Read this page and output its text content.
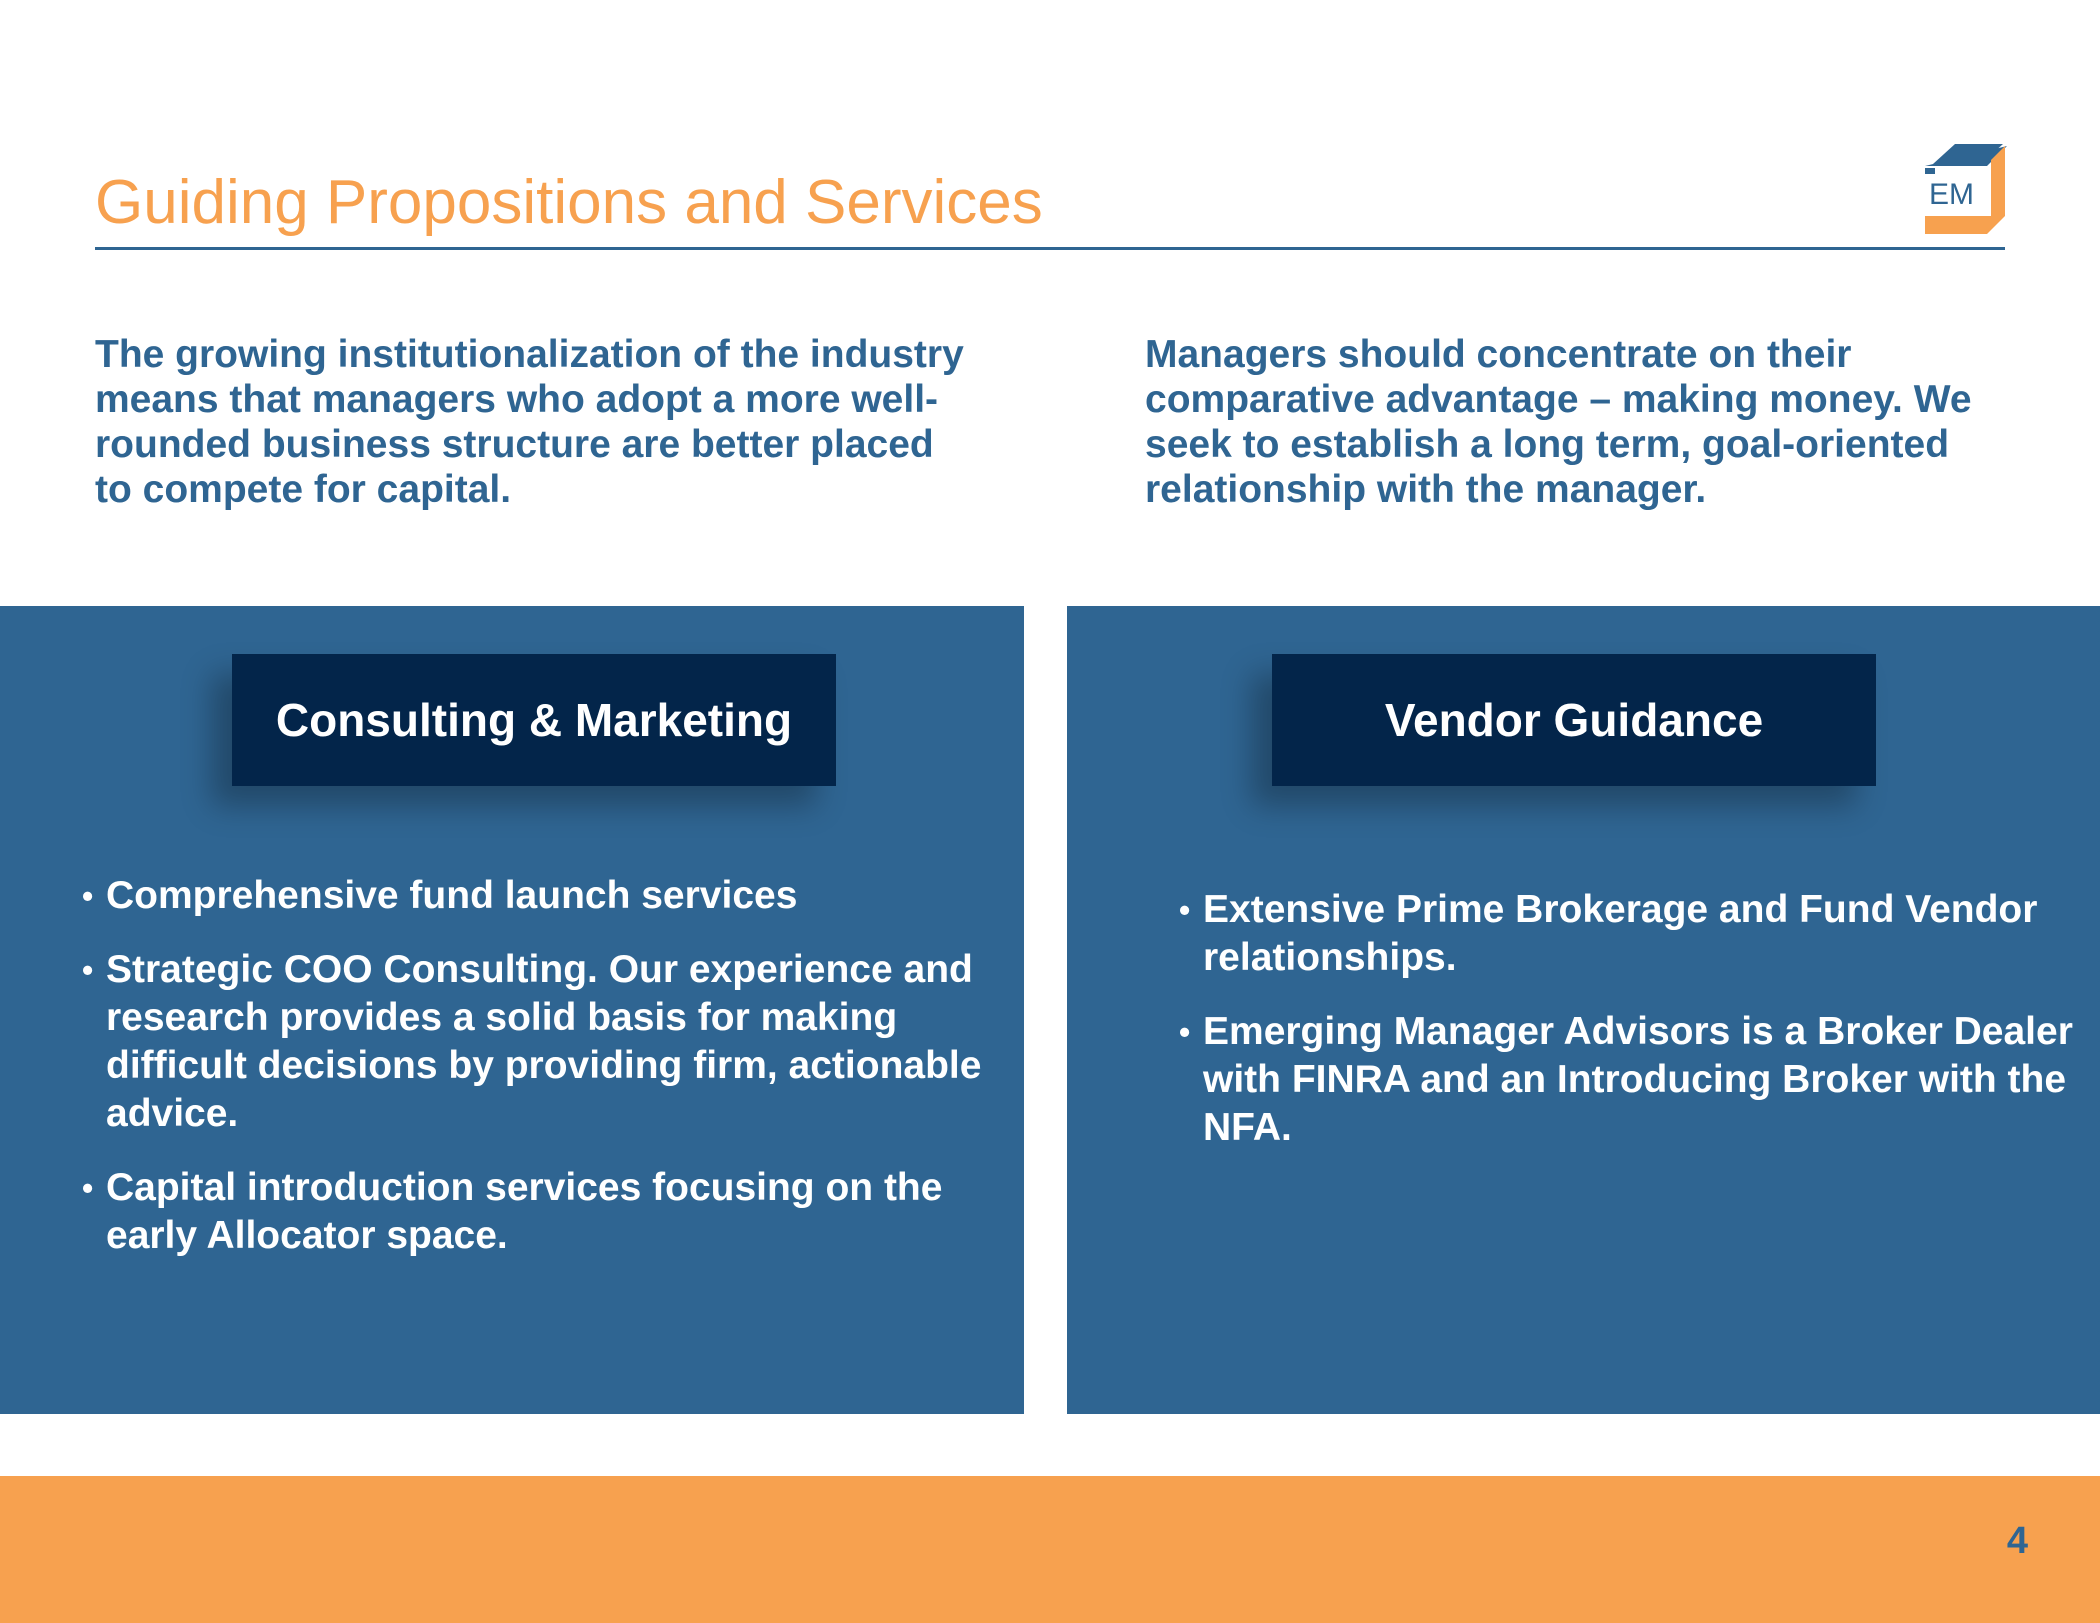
Guiding Propositions and Services	EM
The growing institutionalization of the industry means that managers who adopt a more well-rounded business structure are better placed to compete for capital.
Managers should concentrate on their comparative advantage – making money. We seek to establish a long term, goal-oriented relationship with the manager.
Consulting & Marketing
• Comprehensive fund launch services
• Strategic COO Consulting. Our experience and research provides a solid basis for making difficult decisions by providing firm, actionable advice.
• Capital introduction services focusing on the early Allocator space.
Vendor Guidance
• Extensive Prime Brokerage and Fund Vendor relationships.
• Emerging Manager Advisors is a Broker Dealer with FINRA and an Introducing Broker with the NFA.
4
